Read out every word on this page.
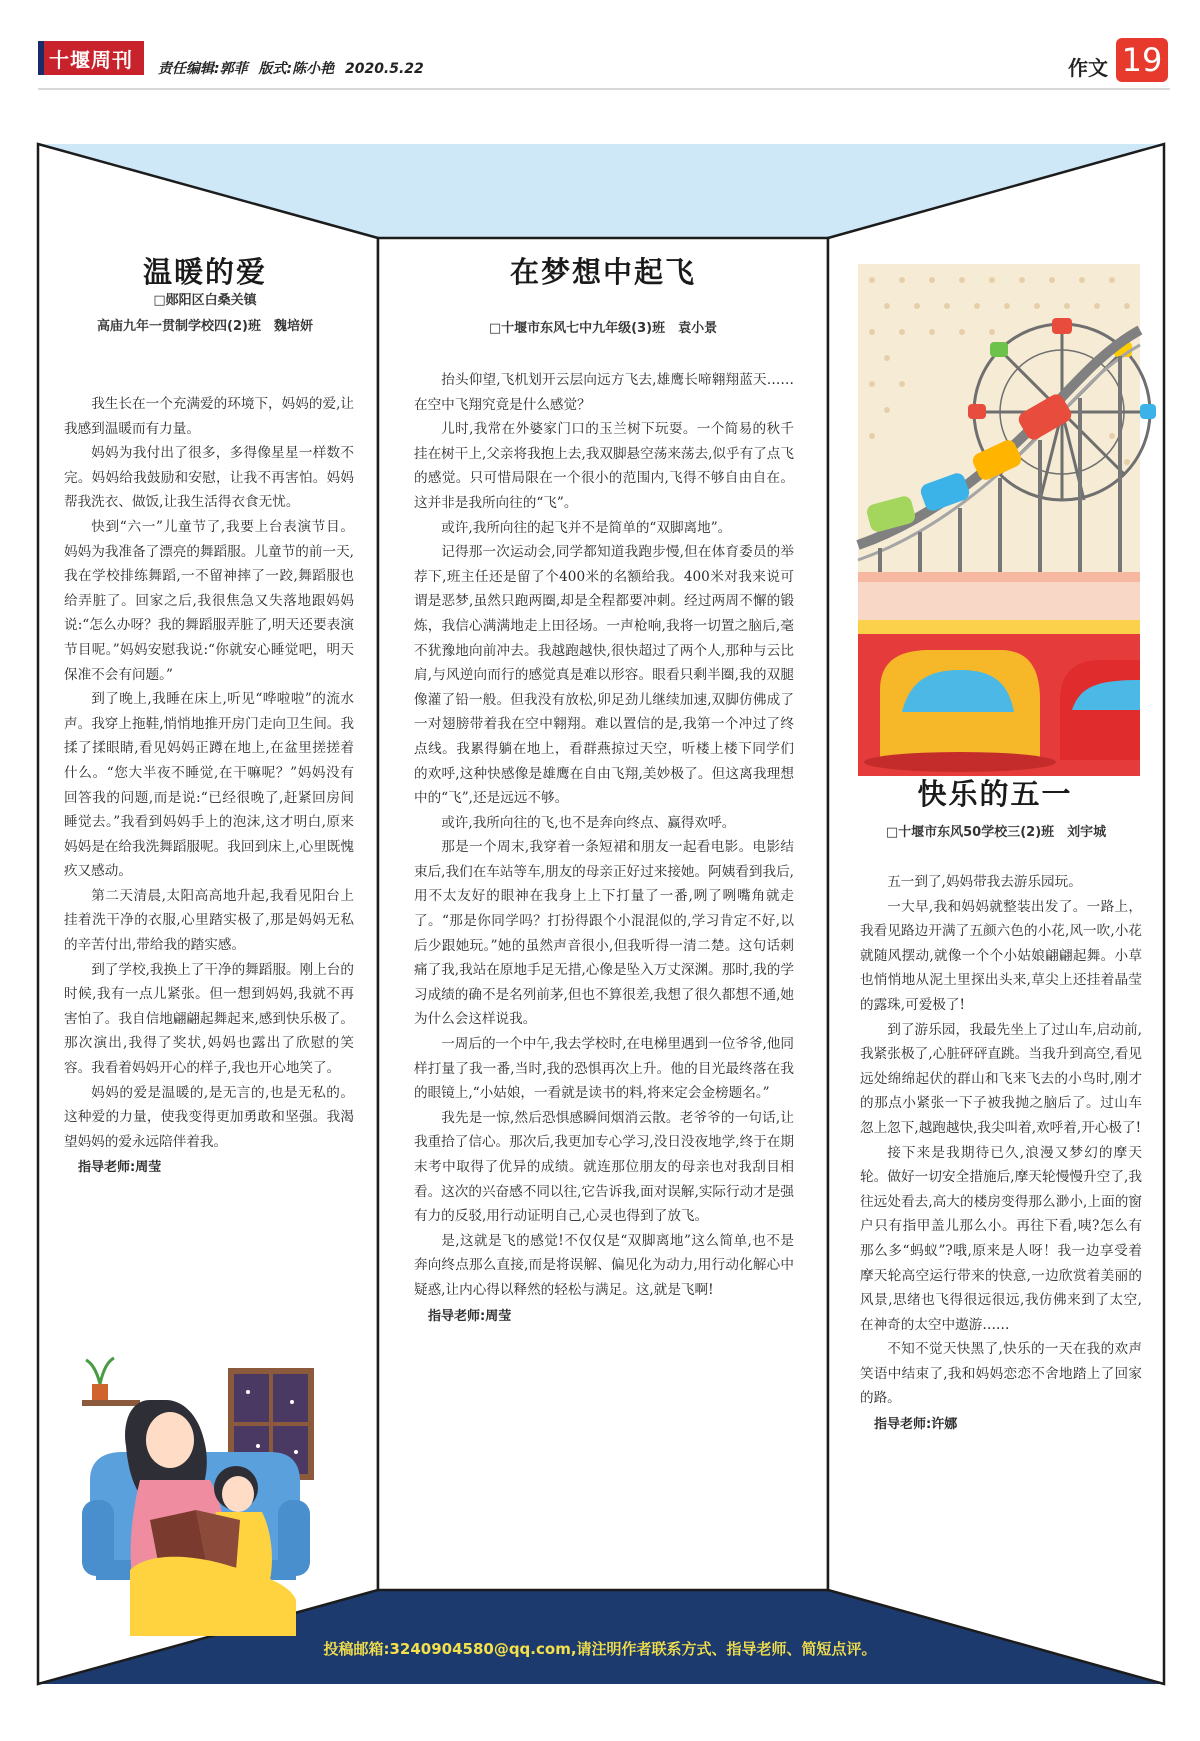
十堰周刊	责任编辑:郭菲 版式:陈小艳 2020.5.22	作文 19
温暖的爱
□郧阳区白桑关镇
高庙九年一贯制学校四(2)班　魏培妍

我生长在一个充满爱的环境下，妈妈的爱,让我感到温暖而有力量。

妈妈为我付出了很多，多得像星星一样数不完。妈妈给我鼓励和安慰，让我不再害怕。妈妈帮我洗衣、做饭,让我生活得衣食无忧。

快到“六一”儿童节了,我要上台表演节目。妈妈为我准备了漂亮的舞蹈服。儿童节的前一天,我在学校排练舞蹈,一不留神摔了一跤,舞蹈服也给弄脏了。回家之后,我很焦急又失落地跟妈妈说:“怎么办呀？我的舞蹈服弄脏了,明天还要表演节目呢。”妈妈安慰我说:“你就安心睡觉吧，明天保准不会有问题。”

到了晚上,我睡在床上,听见“哗啦啦”的流水声。我穿上拖鞋,悄悄地推开房门走向卫生间。我揉了揉眼睛,看见妈妈正蹲在地上,在盆里搓搓着什么。“您大半夜不睡觉,在干嘛呢？”妈妈没有回答我的问题,而是说:“已经很晚了,赶紧回房间睡觉去。”我看到妈妈手上的泡沫,这才明白,原来妈妈是在给我洗舞蹈服呢。我回到床上,心里既愧疚又感动。

第二天清晨,太阳高高地升起,我看见阳台上挂着洗干净的衣服,心里踏实极了,那是妈妈无私的辛苦付出,带给我的踏实感。

到了学校,我换上了干净的舞蹈服。刚上台的时候,我有一点儿紧张。但一想到妈妈,我就不再害怕了。我自信地翩翩起舞起来,感到快乐极了。那次演出,我得了奖状,妈妈也露出了欣慰的笑容。我看着妈妈开心的样子,我也开心地笑了。

妈妈的爱是温暖的,是无言的,也是无私的。这种爱的力量，使我变得更加勇敢和坚强。我渴望妈妈的爱永远陪伴着我。

指导老师:周莹

在梦想中起飞
□十堰市东风七中九年级(3)班　袁小景

抬头仰望,飞机划开云层向远方飞去,雄鹰长啼翱翔蓝天……在空中飞翔究竟是什么感觉？

儿时,我常在外婆家门口的玉兰树下玩耍。一个简易的秋千挂在树干上,父亲将我抱上去,我双脚悬空荡来荡去,似乎有了点飞的感觉。只可惜局限在一个很小的范围内,飞得不够自由自在。这并非是我所向往的“飞”。

或许,我所向往的起飞并不是简单的“双脚离地”。

记得那一次运动会,同学都知道我跑步慢,但在体育委员的举荐下,班主任还是留了个400米的名额给我。400米对我来说可谓是恶梦,虽然只跑两圈,却是全程都要冲刺。经过两周不懈的锻炼，我信心满满地走上田径场。一声枪响,我将一切置之脑后,毫不犹豫地向前冲去。我越跑越快,很快超过了两个人,那种与云比肩,与风逆向而行的感觉真是难以形容。眼看只剩半圈,我的双腿像灌了铅一般。但我没有放松,卯足劲儿继续加速,双脚仿佛成了一对翅膀带着我在空中翱翔。难以置信的是,我第一个冲过了终点线。我累得躺在地上，看群燕掠过天空，听楼上楼下同学们的欢呼,这种快感像是雄鹰在自由飞翔,美妙极了。但这离我理想中的“飞”,还是远远不够。

或许,我所向往的飞,也不是奔向终点、赢得欢呼。

那是一个周末,我穿着一条短裙和朋友一起看电影。电影结束后,我们在车站等车,朋友的母亲正好过来接她。阿姨看到我后,用不太友好的眼神在我身上上下打量了一番,咧了咧嘴角就走了。“那是你同学吗？打扮得跟个小混混似的,学习肯定不好,以后少跟她玩。”她的虽然声音很小,但我听得一清二楚。这句话刺痛了我,我站在原地手足无措,心像是坠入万丈深渊。那时,我的学习成绩的确不是名列前茅,但也不算很差,我想了很久都想不通,她为什么会这样说我。

一周后的一个中午,我去学校时,在电梯里遇到一位爷爷,他同样打量了我一番,当时,我的恐惧再次上升。他的目光最终落在我的眼镜上,“小姑娘，一看就是读书的料,将来定会金榜题名。”

我先是一惊,然后恐惧感瞬间烟消云散。老爷爷的一句话,让我重拾了信心。那次后,我更加专心学习,没日没夜地学,终于在期末考中取得了优异的成绩。就连那位朋友的母亲也对我刮目相看。这次的兴奋感不同以往,它告诉我,面对误解,实际行动才是强有力的反驳,用行动证明自己,心灵也得到了放飞。

是,这就是飞的感觉!不仅仅是“双脚离地”这么简单,也不是奔向终点那么直接,而是将误解、偏见化为动力,用行动化解心中疑惑,让内心得以释然的轻松与满足。这,就是飞啊!

指导老师:周莹

快乐的五一
□十堰市东风50学校三(2)班　刘宇城

五一到了,妈妈带我去游乐园玩。

一大早,我和妈妈就整装出发了。一路上，我看见路边开满了五颜六色的小花,风一吹,小花就随风摆动,就像一个个小姑娘翩翩起舞。小草也悄悄地从泥土里探出头来,草尖上还挂着晶莹的露珠,可爱极了!

到了游乐园，我最先坐上了过山车,启动前,我紧张极了,心脏砰砰直跳。当我升到高空,看见远处绵绵起伏的群山和飞来飞去的小鸟时,刚才的那点小紧张一下子被我抛之脑后了。过山车忽上忽下,越跑越快,我尖叫着,欢呼着,开心极了!

接下来是我期待已久,浪漫又梦幻的摩天轮。做好一切安全措施后,摩天轮慢慢升空了,我往远处看去,高大的楼房变得那么渺小,上面的窗户只有指甲盖儿那么小。再往下看,咦?怎么有那么多“蚂蚁”?哦,原来是人呀！我一边享受着摩天轮高空运行带来的快意,一边欣赏着美丽的风景,思绪也飞得很远很远,我仿佛来到了太空,在神奇的太空中遨游……

不知不觉天快黑了,快乐的一天在我的欢声笑语中结束了,我和妈妈恋恋不舍地踏上了回家的路。

指导老师:许娜

投稿邮箱:3240904580@qq.com,请注明作者联系方式、指导老师、简短点评。
